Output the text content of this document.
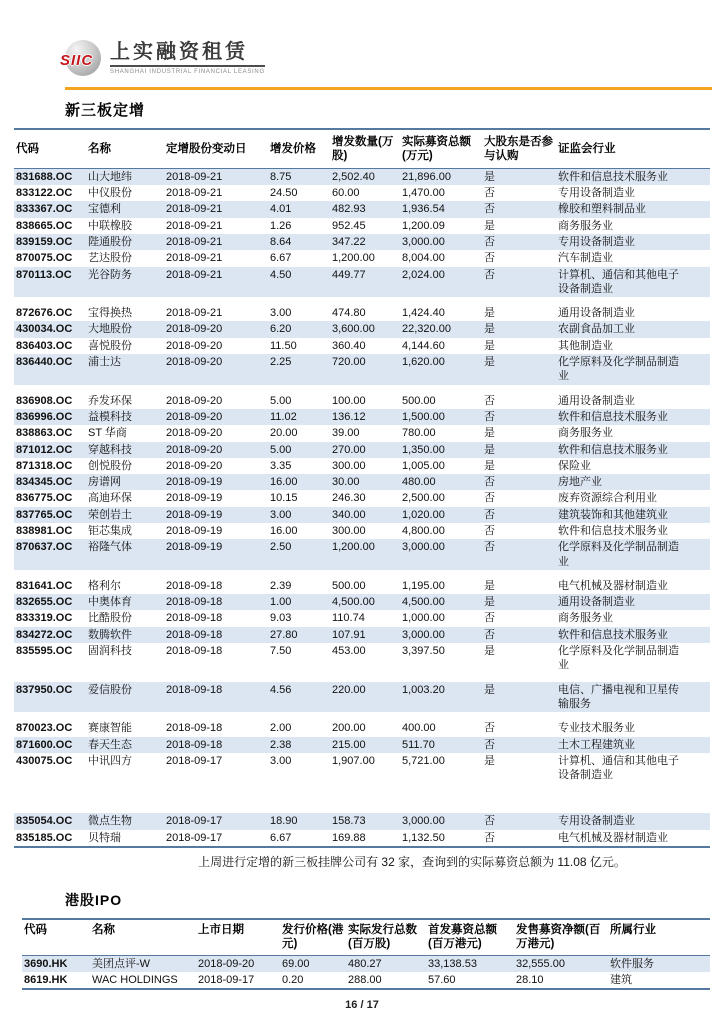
SIIC 上实融资租赁
SHANGHAI INDUSTRIAL FINANCIAL LEASING
新三板定增
代码	名称	定增股份变动日	增发价格	增发数量(万股)	实际募资总额(万元)	大股东是否参与认购	证监会行业
831688.OC	山大地纬	2018-09-21	8.75	2,502.40	21,896.00	是	软件和信息技术服务业
833122.OC	中仪股份	2018-09-21	24.50	60.00	1,470.00	否	专用设备制造业
833367.OC	宝德利	2018-09-21	4.01	482.93	1,936.54	否	橡胶和塑料制品业
838665.OC	中联橡胶	2018-09-21	1.26	952.45	1,200.09	是	商务服务业
839159.OC	陛通股份	2018-09-21	8.64	347.22	3,000.00	否	专用设备制造业
870075.OC	艺达股份	2018-09-21	6.67	1,200.00	8,004.00	否	汽车制造业
870113.OC	光谷防务	2018-09-21	4.50	449.77	2,024.00	否	计算机、通信和其他电子设备制造业

872676.OC	宝得换热	2018-09-21	3.00	474.80	1,424.40	是	通用设备制造业
430034.OC	大地股份	2018-09-20	6.20	3,600.00	22,320.00	是	农副食品加工业
836403.OC	喜悦股份	2018-09-20	11.50	360.40	4,144.60	是	其他制造业
836440.OC	浦士达	2018-09-20	2.25	720.00	1,620.00	是	化学原料及化学制品制造业

836908.OC	乔发环保	2018-09-20	5.00	100.00	500.00	否	通用设备制造业
836996.OC	益模科技	2018-09-20	11.02	136.12	1,500.00	否	软件和信息技术服务业
838863.OC	ST 华商	2018-09-20	20.00	39.00	780.00	是	商务服务业
871012.OC	穿越科技	2018-09-20	5.00	270.00	1,350.00	是	软件和信息技术服务业
871318.OC	创悦股份	2018-09-20	3.35	300.00	1,005.00	是	保险业
834345.OC	房谱网	2018-09-19	16.00	30.00	480.00	否	房地产业
836775.OC	高迪环保	2018-09-19	10.15	246.30	2,500.00	否	废弃资源综合利用业
837765.OC	荣创岩土	2018-09-19	3.00	340.00	1,020.00	否	建筑装饰和其他建筑业
838981.OC	钜芯集成	2018-09-19	16.00	300.00	4,800.00	否	软件和信息技术服务业
870637.OC	裕隆气体	2018-09-19	2.50	1,200.00	3,000.00	否	化学原料及化学制品制造业

831641.OC	格利尔	2018-09-18	2.39	500.00	1,195.00	是	电气机械及器材制造业
832655.OC	中奥体育	2018-09-18	1.00	4,500.00	4,500.00	是	通用设备制造业
833319.OC	比酷股份	2018-09-18	9.03	110.74	1,000.00	否	商务服务业
834272.OC	数腾软件	2018-09-18	27.80	107.91	3,000.00	否	软件和信息技术服务业
835595.OC	固润科技	2018-09-18	7.50	453.00	3,397.50	是	化学原料及化学制品制造业

837950.OC	爱信股份	2018-09-18	4.56	220.00	1,003.20	是	电信、广播电视和卫星传输服务

870023.OC	赛康智能	2018-09-18	2.00	200.00	400.00	否	专业技术服务业
871600.OC	春天生态	2018-09-18	2.38	215.00	511.70	否	土木工程建筑业
430075.OC	中讯四方	2018-09-17	3.00	1,907.00	5,721.00	是	计算机、通信和其他电子设备制造业

835054.OC	微点生物	2018-09-17	18.90	158.73	3,000.00	否	专用设备制造业
835185.OC	贝特瑞	2018-09-17	6.67	169.88	1,132.50	否	电气机械及器材制造业

上周进行定增的新三板挂牌公司有 32 家，查询到的实际募资总额为 11.08 亿元。

港股IPO
代码	名称	上市日期	发行价格(港元)	实际发行总数(百万股)	首发募资总额(百万港元)	发售募资净额(百万港元)	所属行业
3690.HK	美团点评-W	2018-09-20	69.00	480.27	33,138.53	32,555.00	软件服务
8619.HK	WAC HOLDINGS	2018-09-17	0.20	288.00	57.60	28.10	建筑
16 / 17
